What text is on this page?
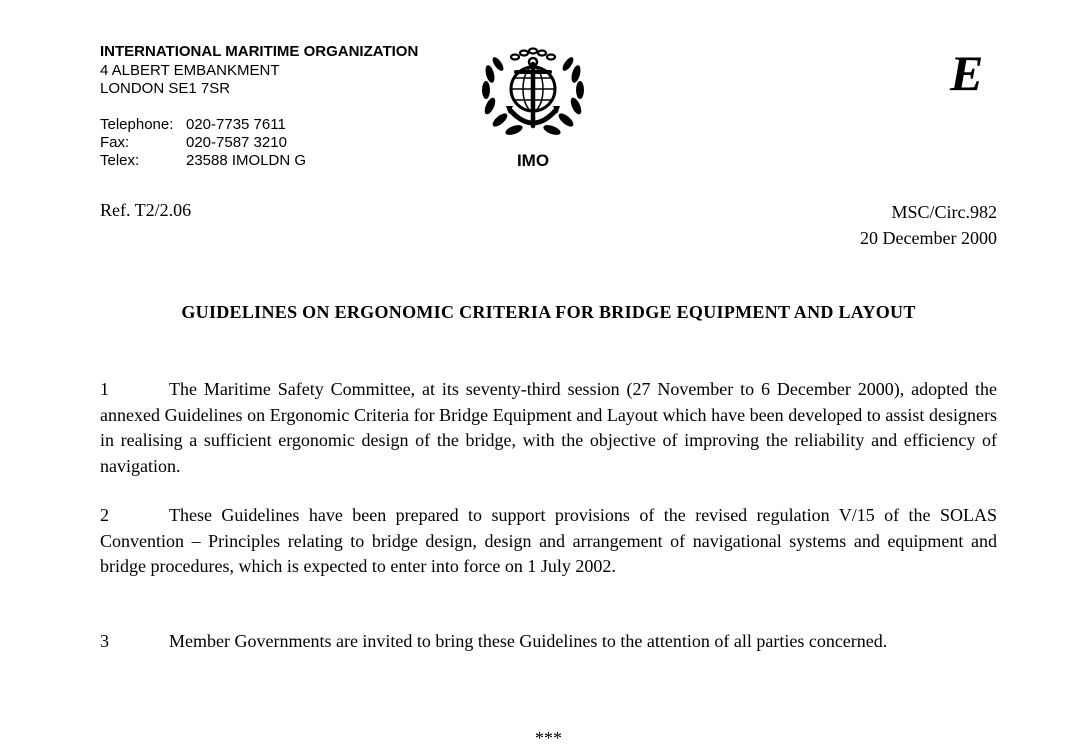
INTERNATIONAL MARITIME ORGANIZATION
4 ALBERT EMBANKMENT
LONDON SE1 7SR
Telephone: 020-7735 7611
Fax:	020-7587 3210
Telex:	23588 IMOLDN G	IMO
E
Ref. T2/2.06	MSC/Circ.982
20 December 2000
GUIDELINES ON ERGONOMIC CRITERIA FOR BRIDGE EQUIPMENT AND LAYOUT
1	The Maritime Safety Committee, at its seventy-third session (27 November to 6 December 2000), adopted the annexed Guidelines on Ergonomic Criteria for Bridge Equipment and Layout which have been developed to assist designers in realising a sufficient ergonomic design of the bridge, with the objective of improving the reliability and efficiency of navigation.
2	These Guidelines have been prepared to support provisions of the revised regulation V/15 of the SOLAS Convention – Principles relating to bridge design, design and arrangement of navigational systems and equipment and bridge procedures, which is expected to enter into force on 1 July 2002.
3	Member Governments are invited to bring these Guidelines to the attention of all parties concerned.
***
